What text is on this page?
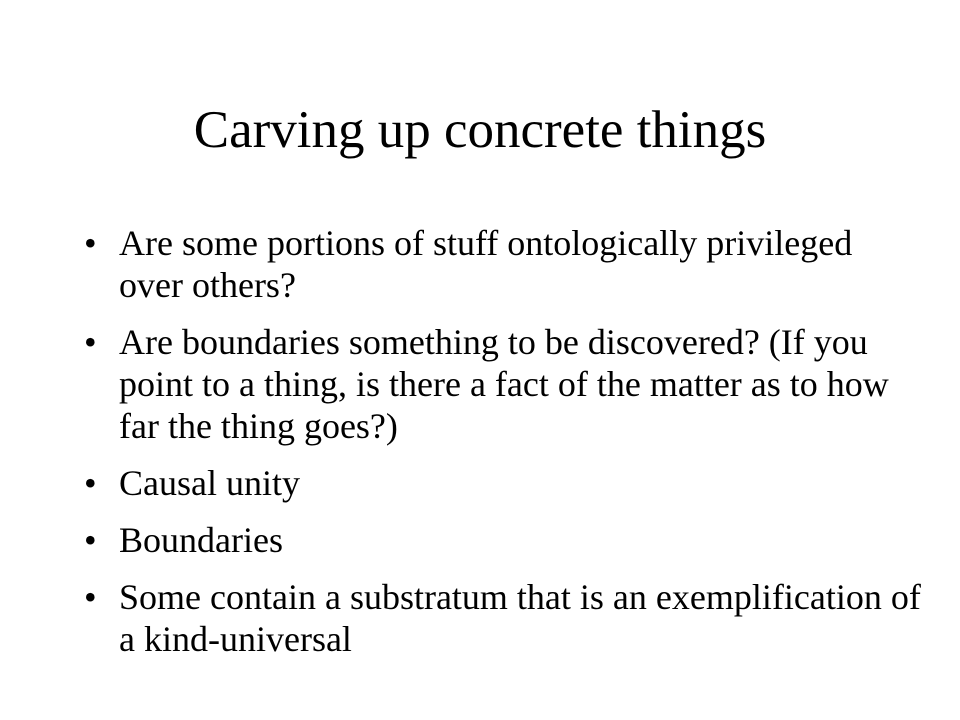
Carving up concrete things
• Are some portions of stuff ontologically privileged over others?
• Are boundaries something to be discovered? (If you point to a thing, is there a fact of the matter as to how far the thing goes?)
• Causal unity
• Boundaries
• Some contain a substratum that is an exemplification of a kind-universal
